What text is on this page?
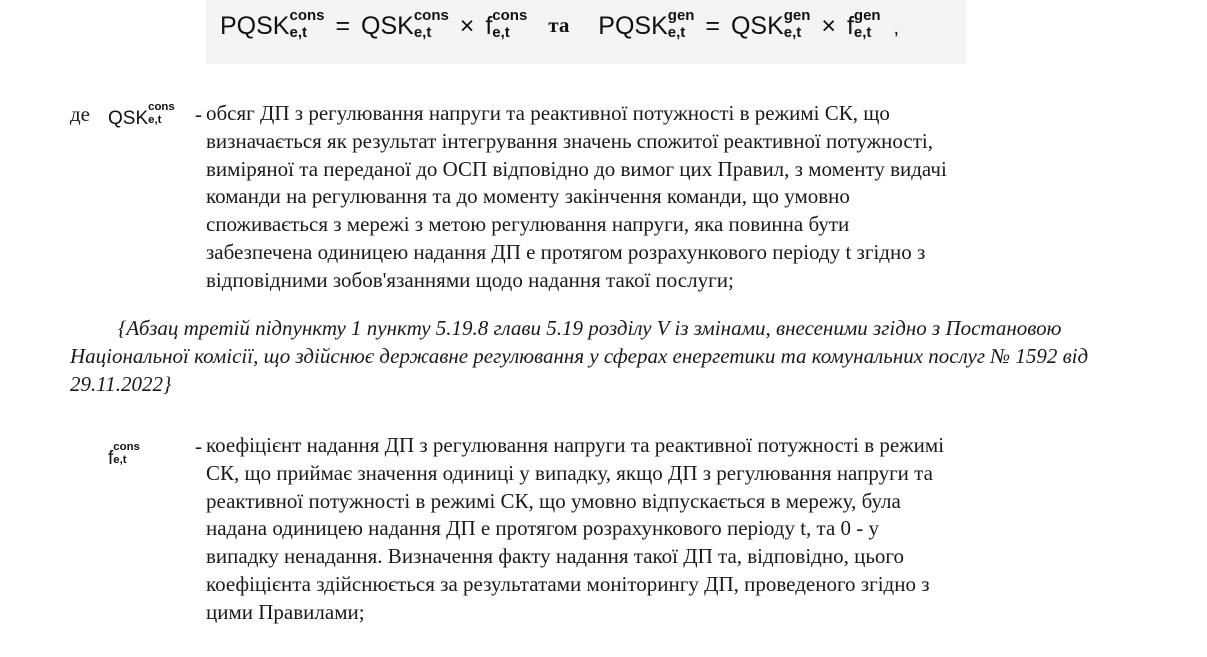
PQSK cons
e,t	= QSK cons
e,t	× f cons
e,t	та PQSK gen
e,t = QSK gen
e,t × f gen
e,t	,
де QSK
cons
e,t	- обсяг ДП з регулювання напруги та реактивної потужності в режимі СК, що
визначається як результат інтегрування значень спожитої реактивної потужності,
виміряної та переданої до ОСП відповідно до вимог цих Правил, з моменту видачі
команди на регулювання та до моменту закінчення команди, що умовно
споживається з мережі з метою регулювання напруги, яка повинна бути
забезпечена одиницею надання ДП e протягом розрахункового періоду t згідно з
відповідними зобов'язаннями щодо надання такої послуги;
{Абзац третій підпункту 1 пункту 5.19.8 глави 5.19 розділу V із змінами, внесеними згідно з Постановою Національної комісії, що здійснює державне регулювання у сферах енергетики та комунальних послуг № 1592 від 29.11.2022}
f
cons
e,t
- коефіцієнт надання ДП з регулювання напруги та реактивної потужності в режимі
СК, що приймає значення одиниці у випадку, якщо ДП з регулювання напруги та
реактивної потужності в режимі СК, що умовно відпускається в мережу, була
надана одиницею надання ДП e протягом розрахункового періоду t, та 0 - у
випадку ненадання. Визначення факту надання такої ДП та, відповідно, цього
коефіцієнта здійснюється за результатами моніторингу ДП, проведеного згідно з
цими Правилами;
